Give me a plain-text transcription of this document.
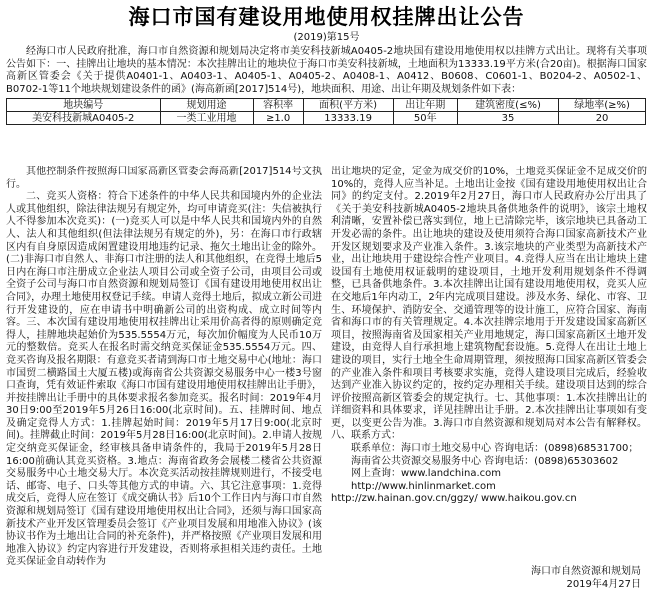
海口市国有建设用地使用权挂牌出让公告
(2019)第15号

经海口市人民政府批准，海口市自然资源和规划局决定将市美安科技新城A0405-2地块国有建设用地使用权以挂牌方式出让。现将有关事项公告如下：一、挂牌出让地块的基本情况：本次挂牌出让的地块位于海口市美安科技新城，土地面积为13333.19平方米(合20亩)。根据海口国家高新区管委会《关于提供A0401-1、A0403-1、A0405-1、A0405-2、A0408-1、A0412、B0608、C0601-1、B0204-2、A0502-1、B0702-1等11个地块规划建设条件的函》(海高新函[2017]514号)，地块面积、用途、出让年期及规划条件如下表：

地块编号	规划用途	容积率	面积(平方米)	出让年期	建筑密度(≤%)	绿地率(≥%)
美安科技新城A0405-2	一类工业用地	≥1.0	13333.19	50年	35	20

其他控制条件按照海口国家高新区管委会海高新[2017]514号文执行。

二、竞买人资格：符合下述条件的中华人民共和国境内外的企业法人或其他组织，除法律法规另有规定外，均可申请竞买(注：失信被执行人不得参加本次竞买)：(一)竞买人可以是中华人民共和国境内外的自然人、法人和其他组织(但法律法规另有规定的外)，另：在海口市行政辖区内有自身原因造成闲置建设用地违约记录、拖欠土地出让金的除外。(二)非海口市自然人、非海口市注册的法人和其他组织，在竞得土地后5日内在海口市注册成立企业法人项目公司或全资子公司，由项目公司或全资子公司与海口市自然资源和规划局签订《国有建设用地使用权出让合同》，办理土地使用权登记手续。申请人竞得土地后，拟成立新公司进行开发建设的，应在申请书中明确新公司的出资构成、成立时间等内容。三、本次国有建设用地使用权挂牌出让采用价高者得的原则确定竞得人，挂牌地块起始价为535.5554万元，每次加价幅度为人民币10万元的整数倍。竞买人在报名时需交纳竞买保证金535.5554万元。四、竞买咨询及报名期限：有意竞买者请到海口市土地交易中心(地址：海口市国贸二横路国土大厦五楼)或海南省公共资源交易服务中心一楼3号窗口查询，凭有效证件索取《海口市国有建设用地使用权挂牌出让手册》，并按挂牌出让手册中的具体要求报名参加竞买。报名时间：2019年4月30日9:00至2019年5月26日16:00(北京时间)。五、挂牌时间、地点及确定竞得人方式：1.挂牌起始时间：2019年5月17日9:00(北京时间)。挂牌截止时间：2019年5月28日16:00(北京时间)。2.申请人按规定交纳竞买保证金，经审核具备申请条件的，我局于2019年5月28日16:00前确认其竞买资格。3.地点：海南省政务会展楼二楼省公共资源交易服务中心土地交易大厅。本次竞买活动按挂牌规则进行，不接受电话、邮寄、电子、口头等其他方式的申请。六、其它注意事项：1.竞得成交后，竞得人应在签订《成交确认书》后10个工作日内与海口市自然资源和规划局签订《国有建设用地使用权出让合同》，还须与海口国家高新技术产业开发区管理委员会签订《产业项目发展和用地准入协议》(该协议书作为土地出让合同的补充条件)，并严格按照《产业项目发展和用地准入协议》约定内容进行开发建设，否则将承担相关违约责任。土地竞买保证金自动转作为

出让地块的定金，定金为成交价的10%，土地竞买保证金不足成交价的10%的，竞得人应当补足。土地出让金按《国有建设用地使用权出让合同》的约定支付。2.2019年2月27日，海口市人民政府办公厅出具了《关于美安科技新城A0405-2地块具备供地条件的说明》，该宗土地权利清晰，安置补偿已落实到位，地上已清除完毕，该宗地块已具备动工开发必需的条件。出让地块的建设及使用须符合海口国家高新技术产业开发区规划要求及产业准入条件。3.该宗地块的产业类型为高新技术产业，出让地块用于建设综合性产业项目。4.竞得人应当在出让地块上建设国有土地使用权证载明的建设项目，土地开发利用规划条件不得调整，已具备供地条件。3.本次挂牌出让国有建设用地使用权，竞买人应在交地后1年内动工，2年内完成项目建设。涉及水务、绿化、市容、卫生、环境保护、消防安全、交通管理等的设计施工，应符合国家、海南省和海口市的有关管理规定。4.本次挂牌宗地用于开发建设国家高新区项目，按照海南省及国家相关产业用地规定，海口国家高新区土地开发建设，由竞得人自行承担地上建筑物配套设施。5.竞得人在出让土地上建设的项目，实行土地全生命周期管理，须按照海口国家高新区管委会的产业准入条件和项目考核要求实施，竞得人建设项目完成后，经验收达到产业准入协议约定的，按约定办理相关手续。建设项目达到的综合评价按照高新区管委会的规定执行。七、其他事项：1.本次挂牌出让的详细资料和具体要求，详见挂牌出让手册。2.本次挂牌出让事项如有变更，以变更公告为准。3.海口市自然资源和规划局对本公告有解释权。八、联系方式：

联系单位：海口市土地交易中心 咨询电话：(0898)68531700；

海南省公共资源交易服务中心 咨询电话：(0898)65303602

网上查询：www.landchina.com

http://www.hinlinmarket.com

http://zw.hainan.gov.cn/ggzy/ www.haikou.gov.cn

海口市自然资源和规划局
2019年4月27日
